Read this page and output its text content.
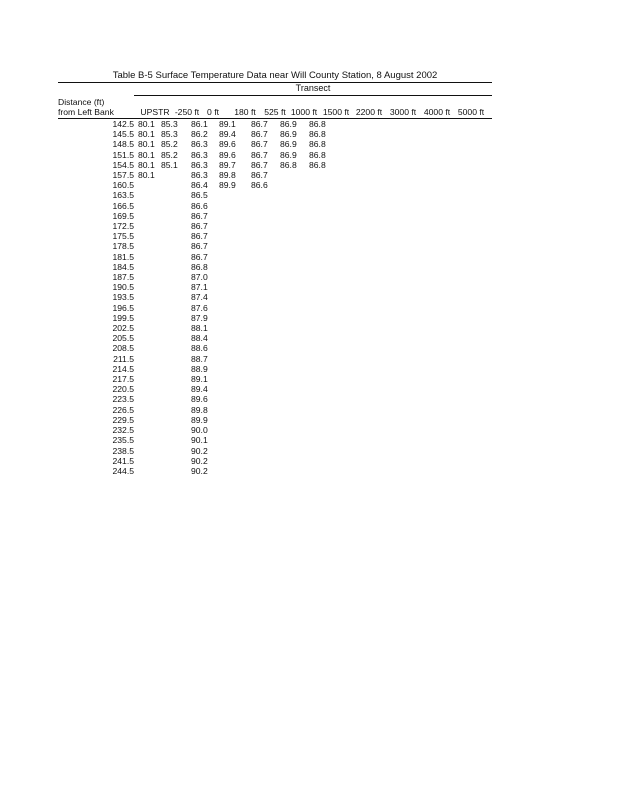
Table B-5 Surface Temperature Data near Will County Station, 8 August 2002
Transect
Distance (ft)
from Left Bank	UPSTR -250 ft 0 ft 180 ft 525 ft 1000 ft 1500 ft 2200 ft 3000 ft 4000 ft 5000 ft
142.5	80.1	85.3	86.1	89.1	86.7	86.9	86.8				
145.5	80.1	85.3	86.2	89.4	86.7	86.9	86.8				
148.5	80.1	85.2	86.3	89.6	86.7	86.9	86.8				
151.5	80.1	85.2	86.3	89.6	86.7	86.9	86.8				
154.5	80.1	85.1	86.3	89.7	86.7	86.8	86.8				
157.5	80.1		86.3	89.8	86.7						
160.5			86.4	89.9	86.6						
163.5			86.5								
166.5			86.6								
169.5			86.7								
172.5			86.7								
175.5			86.7								
178.5			86.7								
181.5			86.7								
184.5			86.8								
187.5			87.0								
190.5			87.1								
193.5			87.4								
196.5			87.6								
199.5			87.9								
202.5			88.1								
205.5			88.4								
208.5			88.6								
211.5			88.7								
214.5			88.9								
217.5			89.1								
220.5			89.4								
223.5			89.6								
226.5			89.8								
229.5			89.9								
232.5			90.0								
235.5			90.1								
238.5			90.2								
241.5			90.2								
244.5			90.2								
